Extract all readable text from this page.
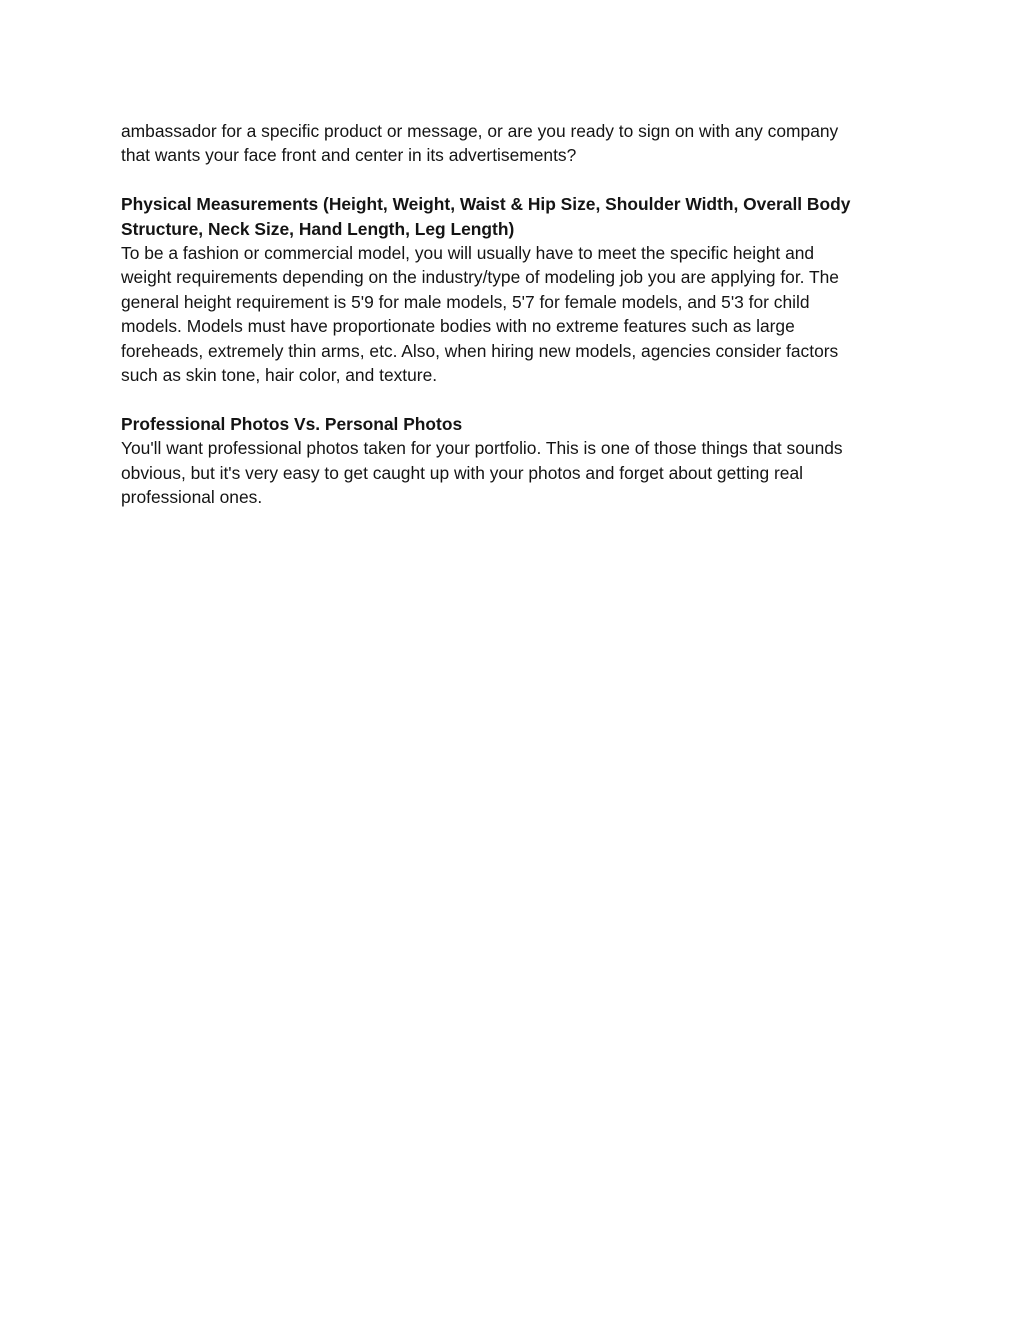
ambassador for a specific product or message, or are you ready to sign on with any company
that wants your face front and center in its advertisements?

Physical Measurements (Height, Weight, Waist & Hip Size, Shoulder Width, Overall Body
Structure, Neck Size, Hand Length, Leg Length)

To be a fashion or commercial model, you will usually have to meet the specific height and
weight requirements depending on the industry/type of modeling job you are applying for. The
general height requirement is 5'9 for male models, 5'7 for female models, and 5'3 for child
models. Models must have proportionate bodies with no extreme features such as large
foreheads, extremely thin arms, etc. Also, when hiring new models, agencies consider factors
such as skin tone, hair color, and texture.

Professional Photos Vs. Personal Photos

You'll want professional photos taken for your portfolio. This is one of those things that sounds
obvious, but it's very easy to get caught up with your photos and forget about getting real
professional ones.
